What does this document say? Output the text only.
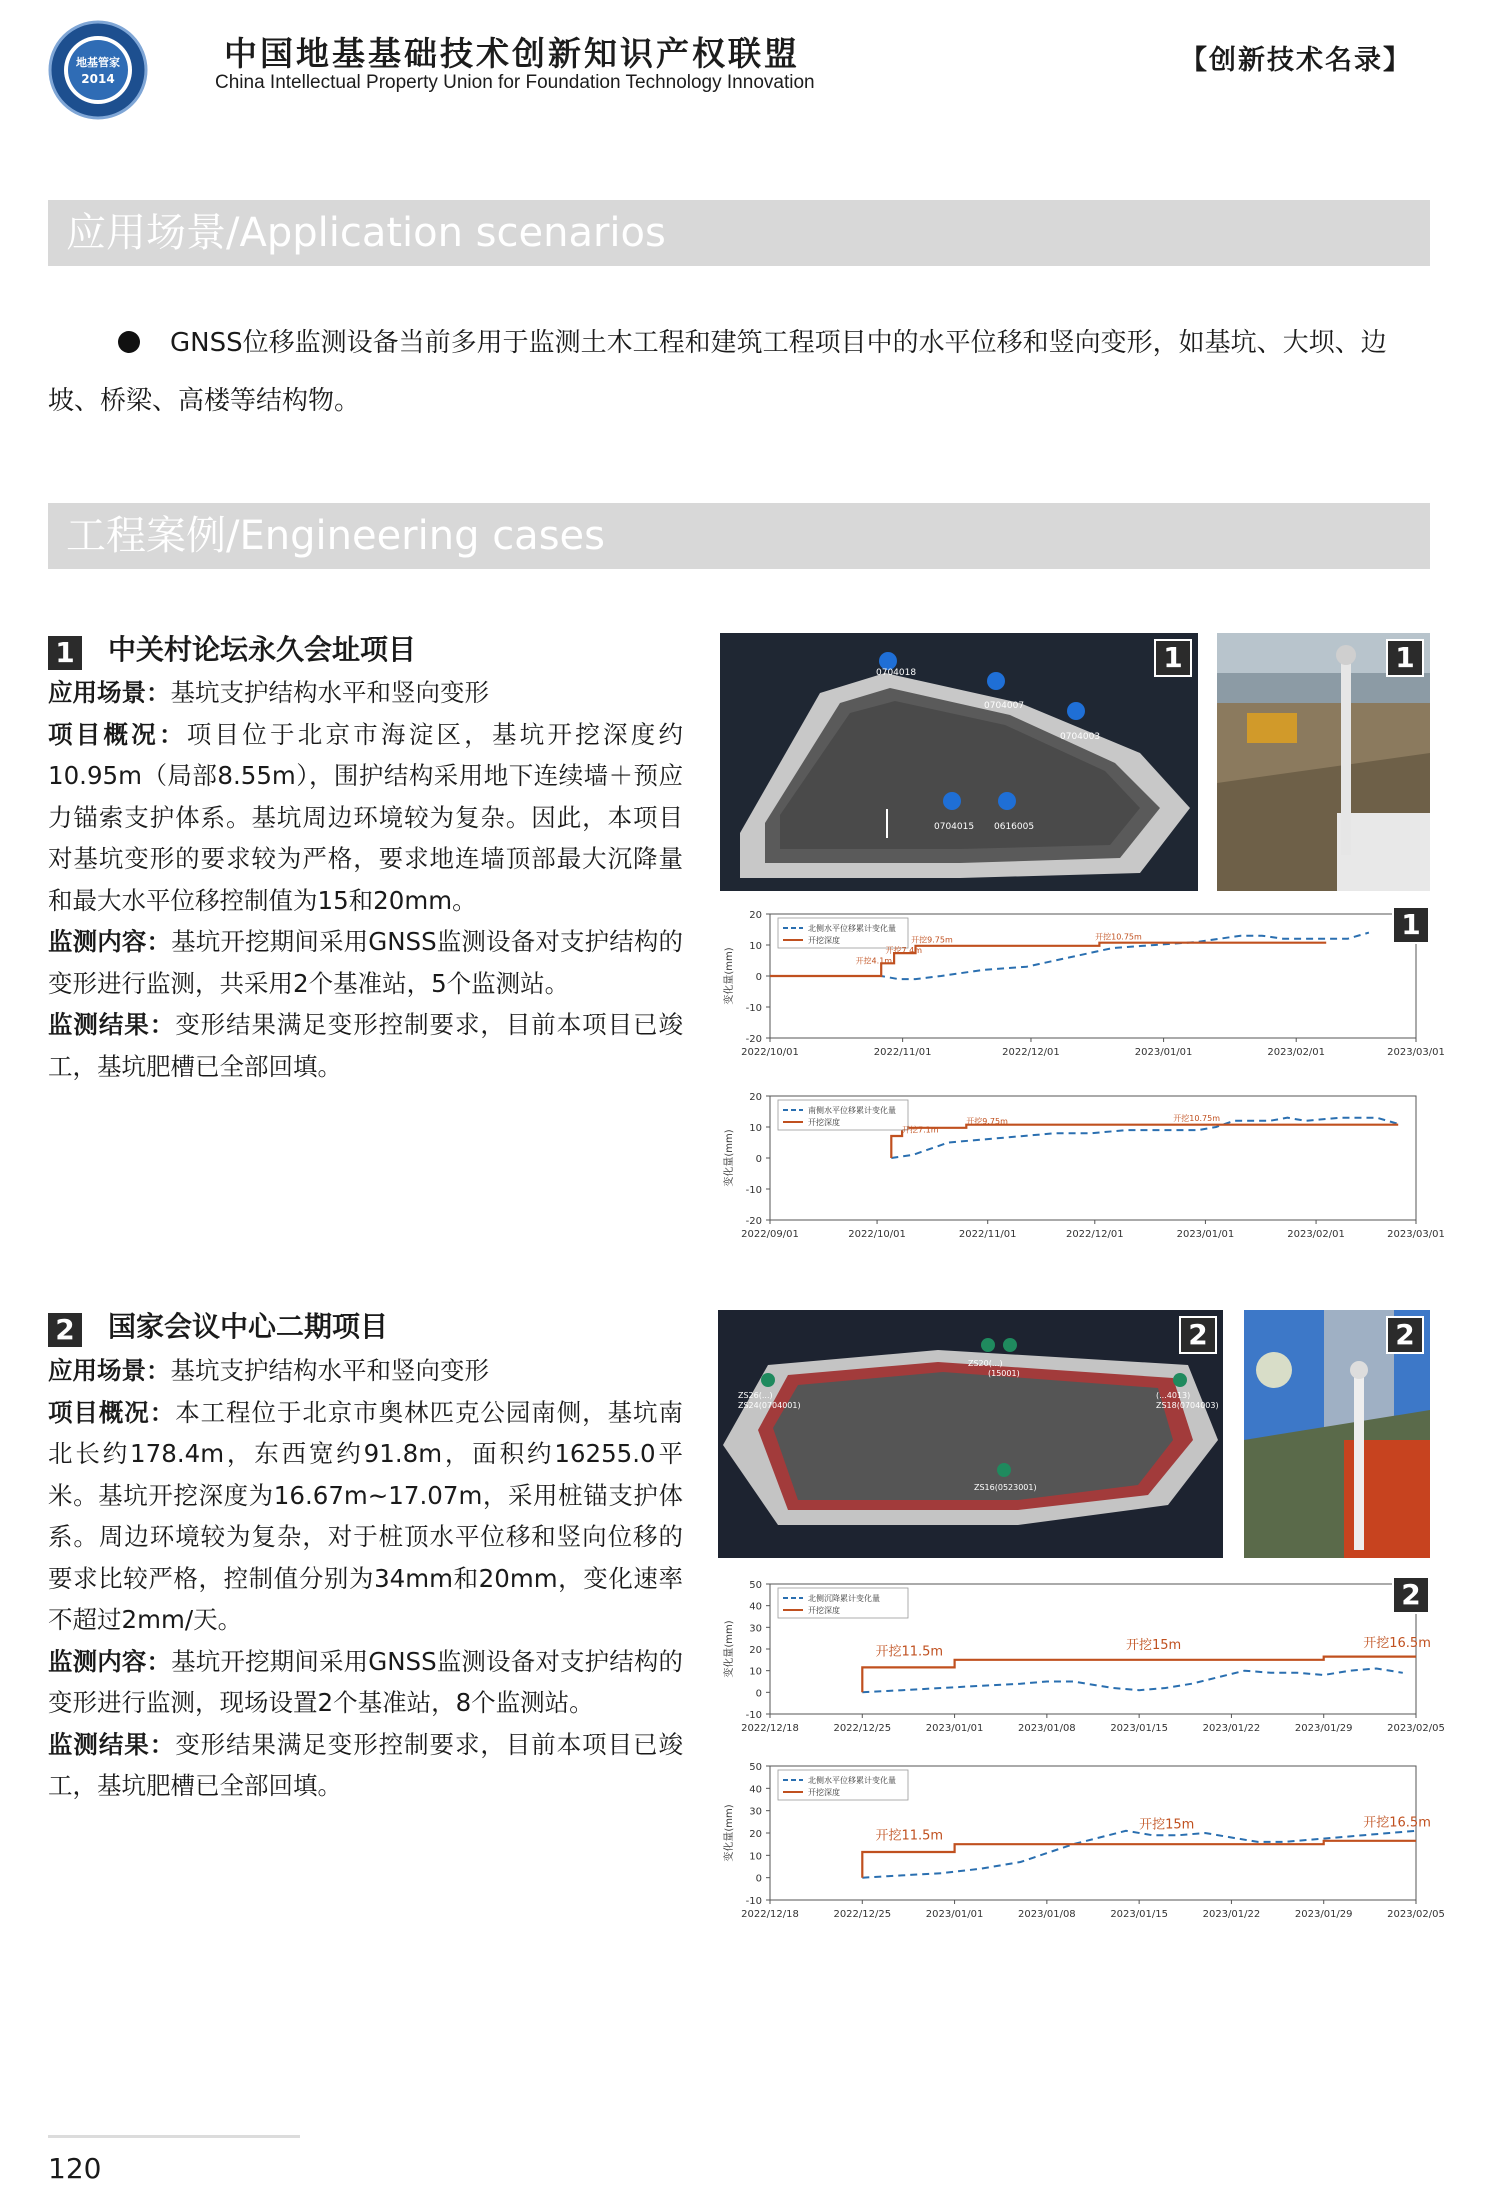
地基管家
2014
中国地基基础技术创新知识产权联盟
China Intellectual Property Union for Foundation Technology Innovation
【创新技术名录】
应用场景/Application scenarios
GNSS位移监测设备当前多用于监测土木工程和建筑工程项目中的水平位移和竖向变形，如基坑、大坝、边坡、桥梁、高楼等结构物。
工程案例/Engineering cases
1 中关村论坛永久会址项目
应用场景：基坑支护结构水平和竖向变形
项目概况：项目位于北京市海淀区，基坑开挖深度约10.95m（局部8.55m），围护结构采用地下连续墙＋预应力锚索支护体系。基坑周边环境较为复杂。因此，本项目对基坑变形的要求较为严格，要求地连墙顶部最大沉降量和最大水平位移控制值为15和20mm。
监测内容：基坑开挖期间采用GNSS监测设备对支护结构的变形进行监测，共采用2个基准站，5个监测站。
监测结果：变形结果满足变形控制要求，目前本项目已竣工，基坑肥槽已全部回填。
0704018
0704007
0704003
0704015 0616005
1	1
20
10
0
-10
-20
2022/10/01	2022/11/01	2022/12/01	2023/01/01	2023/02/01	2023/03/01
变化量(mm)
北侧水平位移累计变化量
开挖深度
开挖4.1m
开挖7.4m
开挖9.75m	开挖10.75m	1
20
10
0
-10
-20
2022/09/01	2022/10/01	2022/11/01	2022/12/01	2023/01/01	2023/02/01	2023/03/01
变化量(mm)
南侧水平位移累计变化量
开挖深度
开挖7.1m
开挖9.75m	开挖10.75m
2 国家会议中心二期项目
应用场景：基坑支护结构水平和竖向变形
项目概况：本工程位于北京市奥林匹克公园南侧，基坑南北长约178.4m，东西宽约91.8m，面积约16255.0平米。基坑开挖深度为16.67m~17.07m，采用桩锚支护体系。周边环境较为复杂，对于桩顶水平位移和竖向位移的要求比较严格，控制值分别为34mm和20mm，变化速率不超过2mm/天。
监测内容：基坑开挖期间采用GNSS监测设备对支护结构的变形进行监测，现场设置2个基准站，8个监测站。
监测结果：变形结果满足变形控制要求，目前本项目已竣工，基坑肥槽已全部回填。
ZS26(...)
ZS24(0704001)
ZS20(...)
(15001)
(...4013)
ZS18(0704003)
ZS16(0523001)
2	2
50
40
30
20
10
0
-10
2022/12/18	2022/12/25	2023/01/01	2023/01/08	2023/01/15	2023/01/22	2023/01/29	2023/02/05
变化量(mm)
北侧沉降累计变化量
开挖深度
开挖11.5m	开挖15m	开挖16.5m
2
50
40
30
20
10
0
-10
2022/12/18	2022/12/25	2023/01/01	2023/01/08	2023/01/15	2023/01/22	2023/01/29	2023/02/05
变化量(mm)
北侧水平位移累计变化量
开挖深度
开挖11.5m
开挖15m	开挖16.5m
120
